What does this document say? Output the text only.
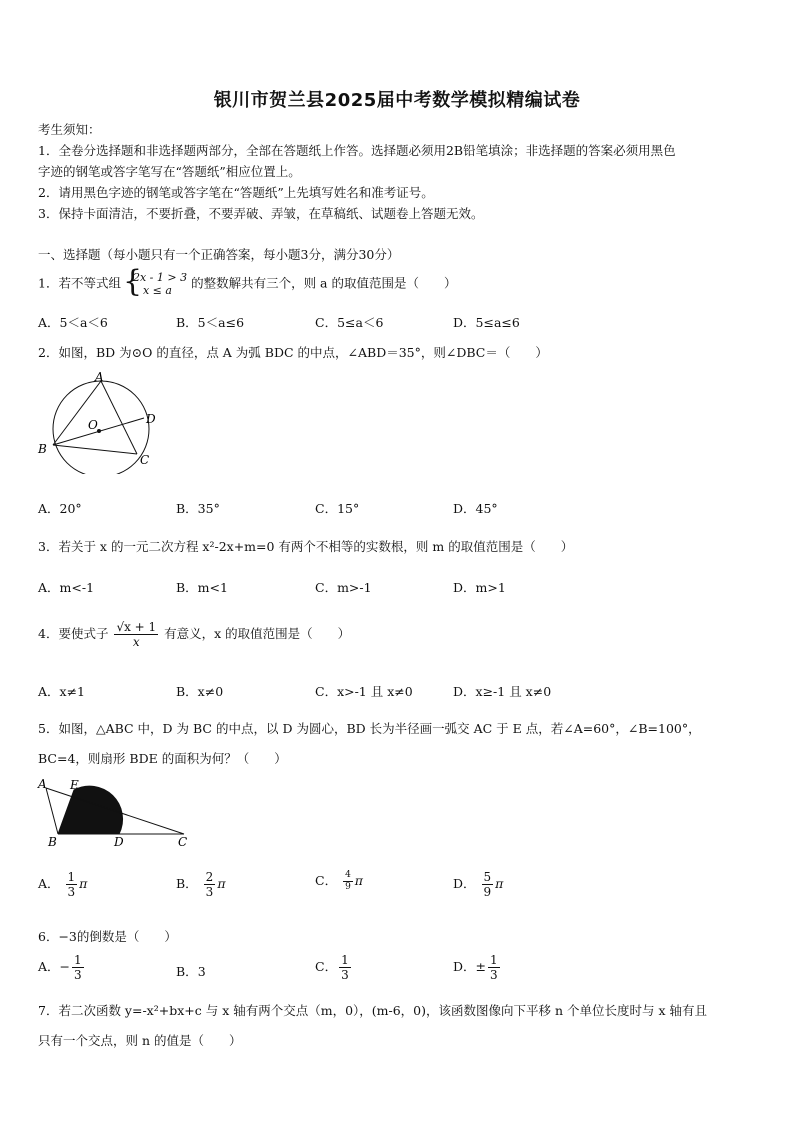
银川市贺兰县2025届中考数学模拟精编试卷
考生须知：
1．全卷分选择题和非选择题两部分，全部在答题纸上作答。选择题必须用2B铅笔填涂；非选择题的答案必须用黑色
字迹的钢笔或答字笔写在“答题纸”相应位置上。
2．请用黑色字迹的钢笔或答字笔在“答题纸”上先填写姓名和准考证号。
3．保持卡面清洁，不要折叠，不要弄破、弄皱，在草稿纸、试题卷上答题无效。
一、选择题（每小题只有一个正确答案，每小题3分，满分30分）
1．若不等式组 {
2x - 1 > 3
x ≤ a	的整数解共有三个，则 a 的取值范围是（　　）
A．5＜a＜6	B．5＜a≤6	C．5≤a＜6	D．5≤a≤6
2．如图，BD 为⊙O 的直径，点 A 为弧 BDC 的中点，∠ABD＝35°，则∠DBC＝（　　）
A
O	D
B
C
A．20°	B．35°	C．15°	D．45°
3．若关于 x 的一元二次方程 x²-2x+m=0 有两个不相等的实数根，则 m 的取值范围是（　　）
A．m<-1	B．m<1	C．m>-1	D．m>1
4．要使式子 $\frac{√x + 1}{x}$ 有意义，x 的取值范围是（　　）
A．x≠1	B．x≠0	C．x>-1 且 x≠0	D．x≥-1 且 x≠0
5．如图，△ABC 中，D 为 BC 的中点，以 D 为圆心，BD 长为半径画一弧交 AC 于 E 点，若∠A=60°，∠B=100°，
BC=4，则扇形 BDE 的面积为何？（　　）
A E
B	D	C
A． $\frac{1}{3}$ π	B． $\frac{2}{3}$ π	C． $\frac{4}{9}$ π	D． $\frac{5}{9}$ π
6．−3的倒数是（　　）
A．− $\frac{1}{3}$	B．3	C． $\frac{1}{3}$	D．± $\frac{1}{3}$
7．若二次函数 y=-x²+bx+c 与 x 轴有两个交点（m，0），(m-6，0)，该函数图像向下平移 n 个单位长度时与 x 轴有且
只有一个交点，则 n 的值是（　　）
